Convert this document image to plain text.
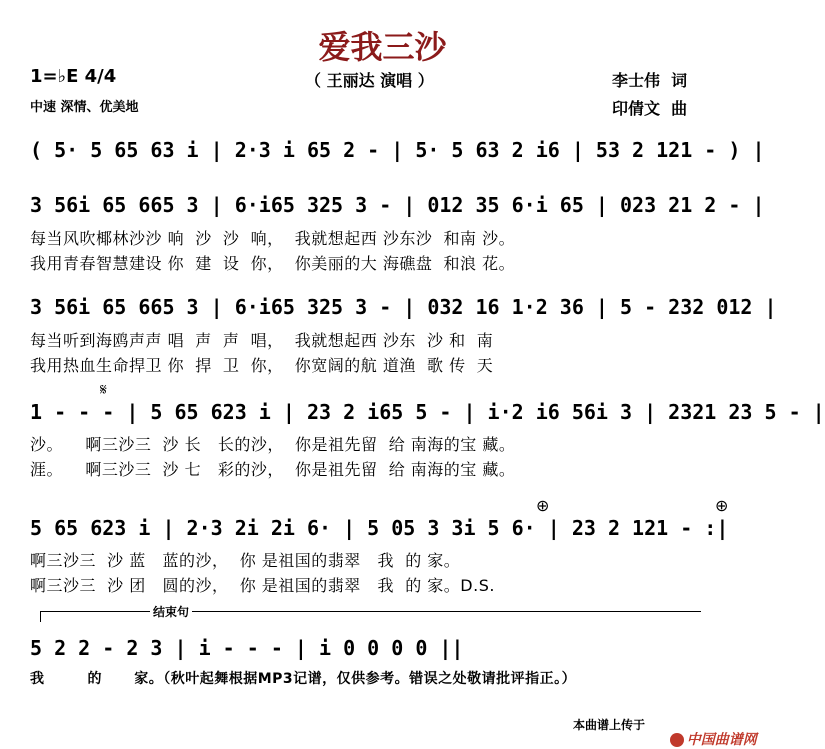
爱我三沙
1=♭E 4/4
中速 深情、优美地
（ 王丽达 演唱 ）	李士伟  词
印倩文  曲
( 5· 5 65 63 i | 2·3 i 65 2 - | 5· 5 63 2 i6 | 53 2 121 - ) |
3 56i 65 665 3 | 6·i65 325 3 - | 012 35 6·i 65 | 023 21 2 - |
每当风吹椰林沙沙 响  沙  沙  响，  我就想起西 沙东沙  和南 沙。
我用青春智慧建设 你  建  设  你，  你美丽的大 海礁盘  和浪 花。
3 56i 65 665 3 | 6·i65 325 3 - | 032 16 1·2 36 | 5 - 232 012 |
每当听到海鸥声声 唱  声  声  唱，  我就想起西 沙东  沙 和  南
我用热血生命捍卫 你  捍  卫  你，  你宽阔的航 道渔  歌 传  天
𝄋
1 - - - | 5 65 623 i | 23 2 i65 5 - | i·2 i6 56i 3 | 2321 23 5 - |
沙。    啊三沙三  沙 长   长的沙，  你是祖先留  给 南海的宝 藏。
涯。    啊三沙三  沙 七   彩的沙，  你是祖先留  给 南海的宝 藏。
⊕	⊕
5 65 623 i | 2·3 2i 2i 6· | 5 05 3 3i 5 6· | 23 2 121 - :|
啊三沙三  沙 蓝   蓝的沙，  你 是祖国的翡翠   我  的 家。
啊三沙三  沙 团   圆的沙，  你 是祖国的翡翠   我  的 家。D.S.
结束句
5 2 2 - 2 3 | i - - - | i 0 0 0 0 ||
我        的      家。（秋叶起舞根据MP3记谱，仅供参考。错误之处敬请批评指正。）
本曲谱上传于

中国曲谱网
